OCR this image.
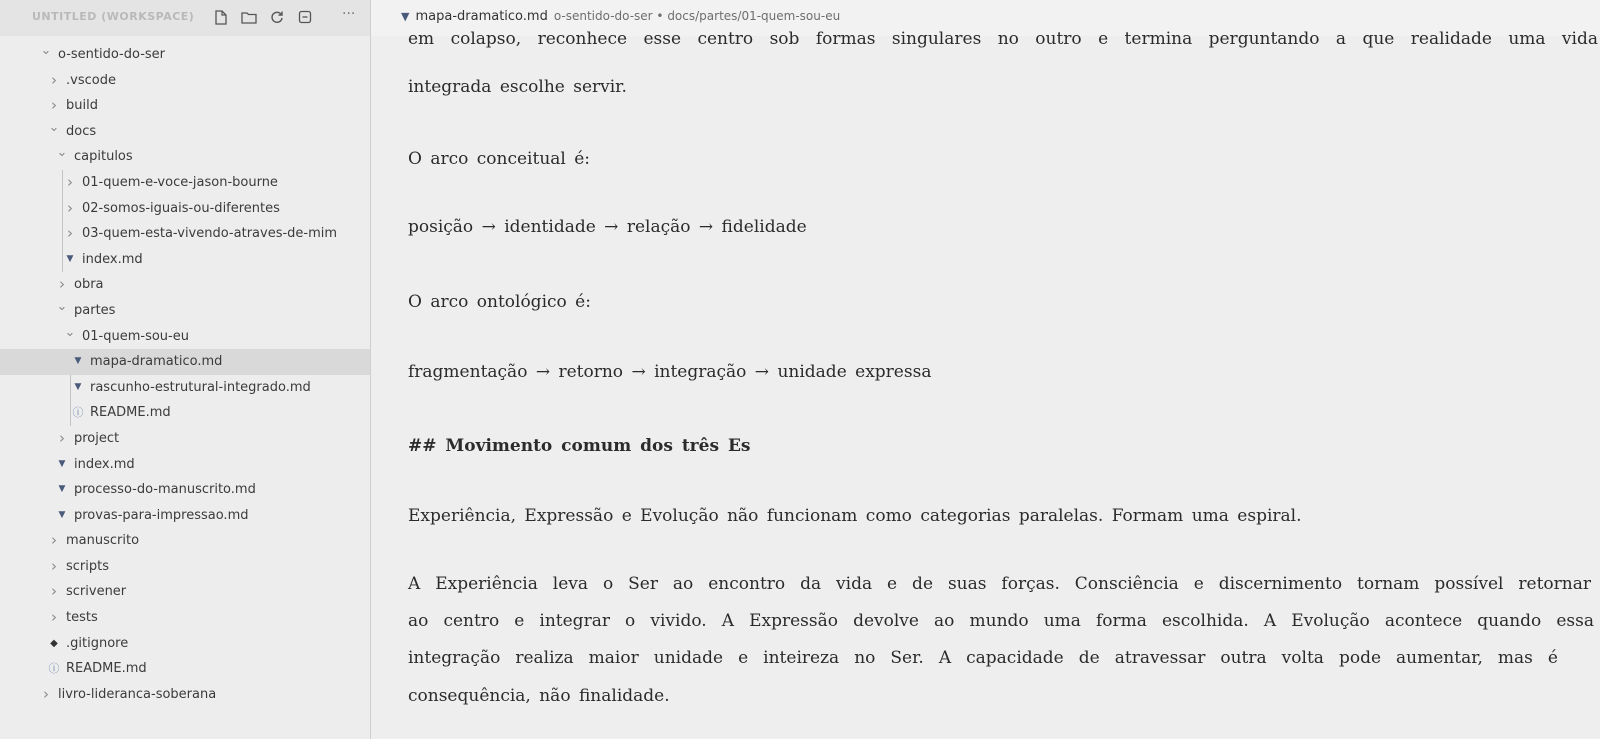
UNTITLED (WORKSPACE)	···
⌄ o-sentido-do-ser
› .vscode
› build
⌄ docs
⌄ capitulos
› 01-quem-e-voce-jason-bourne
› 02-somos-iguais-ou-diferentes
› 03-quem-esta-vivendo-atraves-de-mim
▼ index.md
› obra
⌄ partes
⌄ 01-quem-sou-eu
▼ mapa-dramatico.md
▼ rascunho-estrutural-integrado.md
ⓘ README.md
› project
▼ index.md
▼ processo-do-manuscrito.md
▼ provas-para-impressao.md
› manuscrito
› scripts
› scrivener
› tests
◆ .gitignore
ⓘ README.md
› livro-lideranca-soberana
▼ mapa-dramatico.md o-sentido-do-ser • docs/partes/01-quem-sou-eu
em colapso, reconhece esse centro sob formas singulares no outro e termina perguntando a que realidade uma vida
integrada escolhe servir.
O arco conceitual é:
posição → identidade → relação → fidelidade
O arco ontológico é:
fragmentação → retorno → integração → unidade expressa
## Movimento comum dos três Es
Experiência, Expressão e Evolução não funcionam como categorias paralelas. Formam uma espiral.
A Experiência leva o Ser ao encontro da vida e de suas forças. Consciência e discernimento tornam possível retornar
ao centro e integrar o vivido. A Expressão devolve ao mundo uma forma escolhida. A Evolução acontece quando essa
integração realiza maior unidade e inteireza no Ser. A capacidade de atravessar outra volta pode aumentar, mas é
consequência, não finalidade.
